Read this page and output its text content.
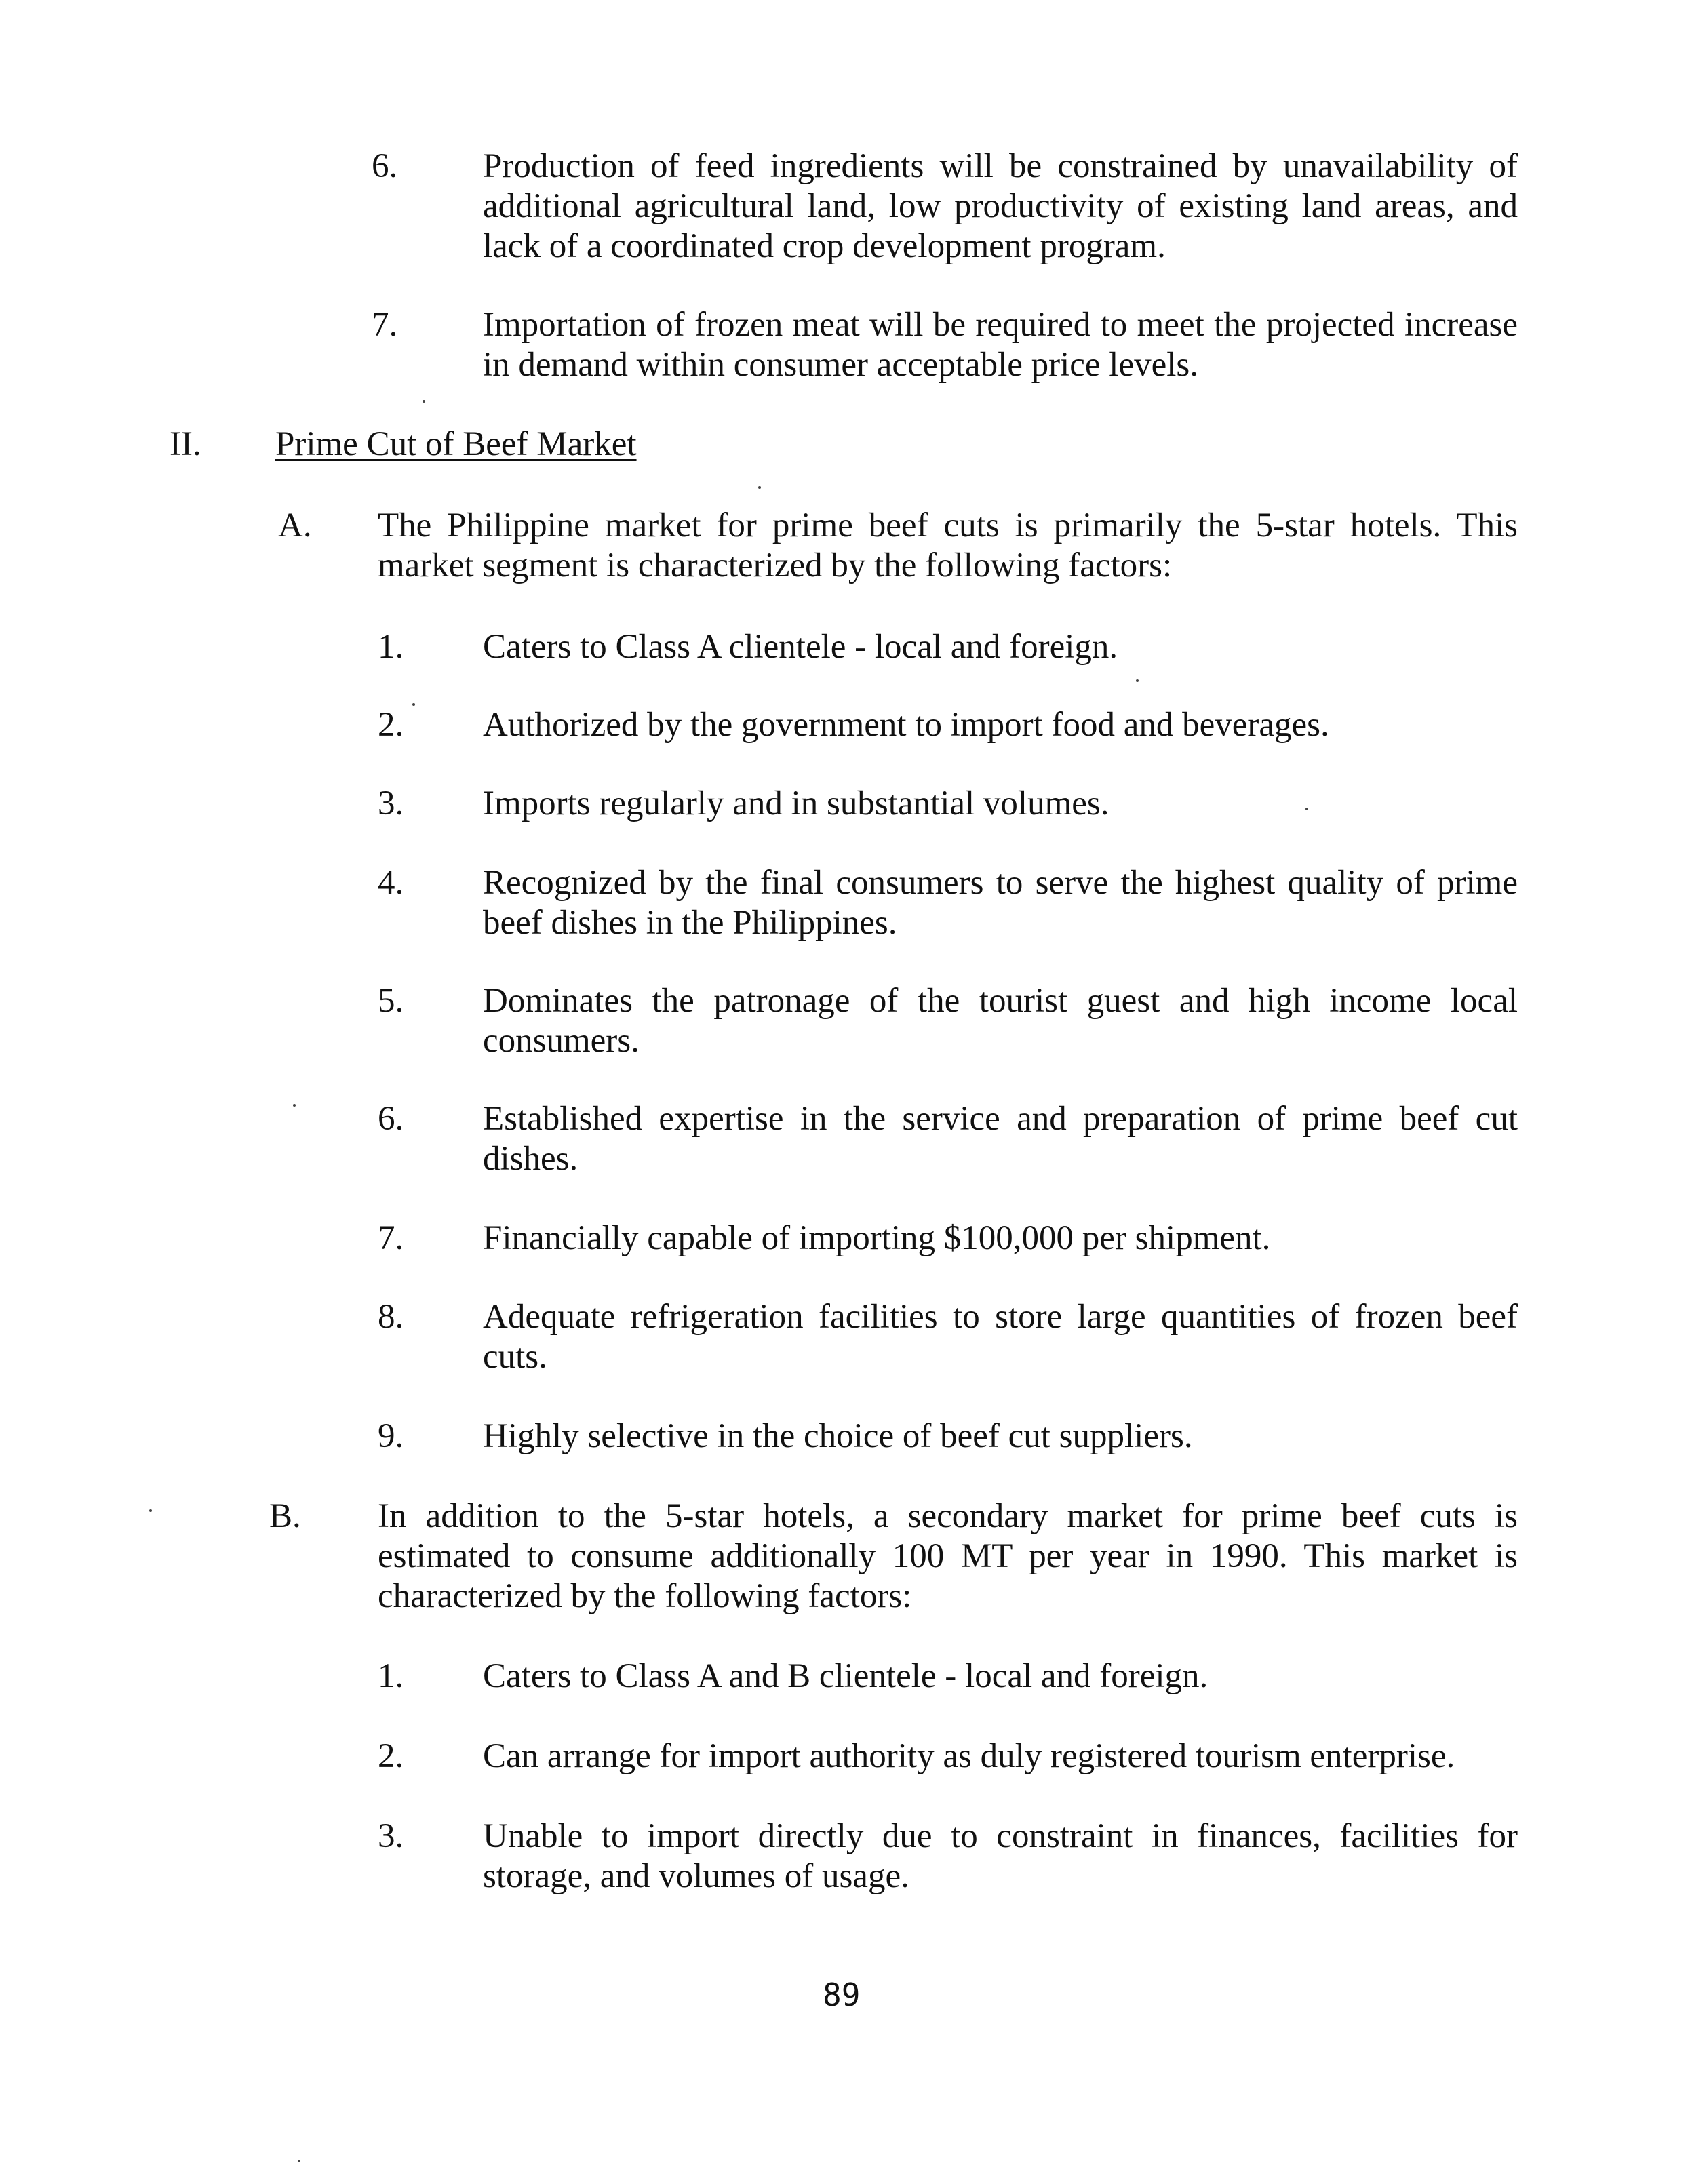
6. Production of feed ingredients will be constrained by unavailability of
additional agricultural land, low productivity of existing land areas, and
lack of a coordinated crop development program.
7. Importation of frozen meat will be required to meet the projected increase
in demand within consumer acceptable price levels.
II. Prime Cut of Beef Market
A. The Philippine market for prime beef cuts is primarily the 5-star hotels. This
market segment is characterized by the following factors:
1. Caters to Class A clientele - local and foreign.
2. Authorized by the government to import food and beverages.
3. Imports regularly and in substantial volumes.
4. Recognized by the final consumers to serve the highest quality of prime
beef dishes in the Philippines.
5. Dominates the patronage of the tourist guest and high income local
consumers.
6. Established expertise in the service and preparation of prime beef cut
dishes.
7. Financially capable of importing $100,000 per shipment.
8. Adequate refrigeration facilities to store large quantities of frozen beef
cuts.
9. Highly selective in the choice of beef cut suppliers.
B. In addition to the 5-star hotels, a secondary market for prime beef cuts is
estimated to consume additionally 100 MT per year in 1990. This market is
characterized by the following factors:
1. Caters to Class A and B clientele - local and foreign.
2. Can arrange for import authority as duly registered tourism enterprise.
3. Unable to import directly due to constraint in finances, facilities for
storage, and volumes of usage.
89
